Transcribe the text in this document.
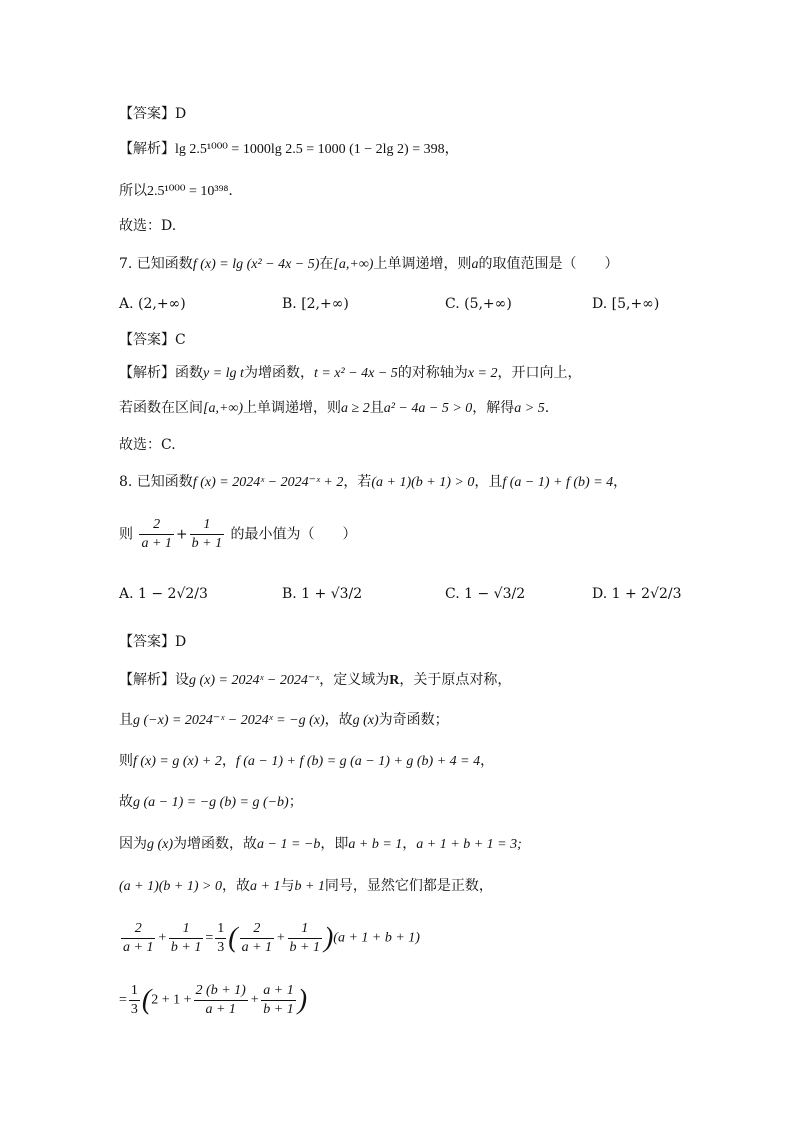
【答案】D
【解析】lg 2.5¹⁰⁰⁰ = 1000lg 2.5 = 1000 (1 − 2lg 2) = 398，
所以2.5¹⁰⁰⁰ = 10³⁹⁸.
故选：D.
7. 已知函数f (x) = lg (x² − 4x − 5)在[a,+∞)上单调递增，则a的取值范围是（　　）
A. (2,+∞)	B. [2,+∞)	C. (5,+∞)	D. [5,+∞)
【答案】C
【解析】函数y = lg t为增函数，t = x² − 4x − 5的对称轴为x = 2，开口向上，
若函数在区间[a,+∞)上单调递增，则a ≥ 2且a² − 4a − 5 > 0，解得a > 5.
故选：C.
8. 已知函数f (x) = 2024ˣ − 2024⁻ˣ + 2，若(a + 1)(b + 1) > 0，且f (a − 1) + f (b) = 4，
则 $\frac{2}{a + 1} + \frac{1}{b + 1}$ 的最小值为（　　）
A. 1 − 2√2/3	B. 1 + √3/2	C. 1 − √3/2	D. 1 + 2√2/3
【答案】D
【解析】设g (x) = 2024ˣ − 2024⁻ˣ，定义域为R，关于原点对称，
且g (−x) = 2024⁻ˣ − 2024ˣ = −g (x)，故g (x)为奇函数；
则f (x) = g (x) + 2，f (a − 1) + f (b) = g (a − 1) + g (b) + 4 = 4，
故g (a − 1) = −g (b) = g (−b)；
因为g (x)为增函数，故a − 1 = −b，即a + b = 1，a + 1 + b + 1 = 3;
(a + 1)(b + 1) > 0，故a + 1与b + 1同号，显然它们都是正数，
$\frac{2}{a + 1} + \frac{1}{b + 1} = \frac{1}{3}$ ( $\frac{2}{a + 1} + \frac{1}{b + 1} )(a + 1 + b + 1)$
= $\frac{1}{3} (2 + 1 + \frac{2 (b + 1)}{a + 1} + \frac{a + 1}{b + 1}$ )
